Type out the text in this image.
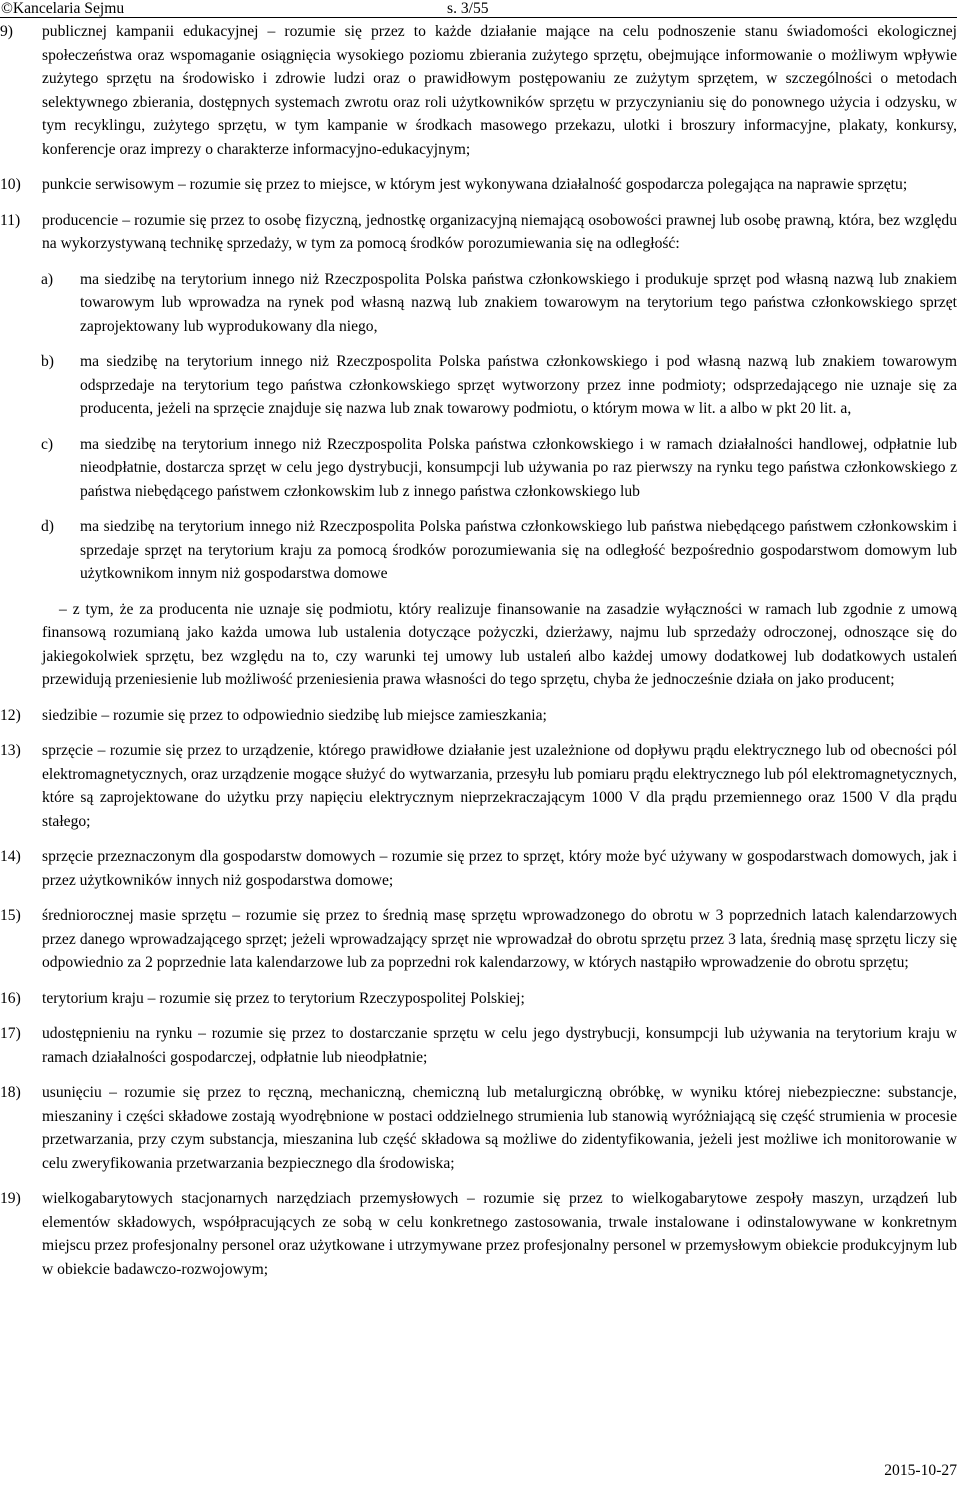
©Kancelaria Sejmu	s. 3/55
9) publicznej kampanii edukacyjnej – rozumie się przez to każde działanie mające na celu podnoszenie stanu świadomości ekologicznej społeczeństwa oraz wspomaganie osiągnięcia wysokiego poziomu zbierania zużytego sprzętu, obejmujące informowanie o możliwym wpływie zużytego sprzętu na środowisko i zdrowie ludzi oraz o prawidłowym postępowaniu ze zużytym sprzętem, w szczególności o metodach selektywnego zbierania, dostępnych systemach zwrotu oraz roli użytkowników sprzętu w przyczynianiu się do ponownego użycia i odzysku, w tym recyklingu, zużytego sprzętu, w tym kampanie w środkach masowego przekazu, ulotki i broszury informacyjne, plakaty, konkursy, konferencje oraz imprezy o charakterze informacyjno-edukacyjnym;
10) punkcie serwisowym – rozumie się przez to miejsce, w którym jest wykonywana działalność gospodarcza polegająca na naprawie sprzętu;
11) producencie – rozumie się przez to osobę fizyczną, jednostkę organizacyjną niemającą osobowości prawnej lub osobę prawną, która, bez względu na wykorzystywaną technikę sprzedaży, w tym za pomocą środków porozumiewania się na odległość:
a) ma siedzibę na terytorium innego niż Rzeczpospolita Polska państwa członkowskiego i produkuje sprzęt pod własną nazwą lub znakiem towarowym lub wprowadza na rynek pod własną nazwą lub znakiem towarowym na terytorium tego państwa członkowskiego sprzęt zaprojektowany lub wyprodukowany dla niego,
b) ma siedzibę na terytorium innego niż Rzeczpospolita Polska państwa członkowskiego i pod własną nazwą lub znakiem towarowym odsprzedaje na terytorium tego państwa członkowskiego sprzęt wytworzony przez inne podmioty; odsprzedającego nie uznaje się za producenta, jeżeli na sprzęcie znajduje się nazwa lub znak towarowy podmiotu, o którym mowa w lit. a albo w pkt 20 lit. a,
c) ma siedzibę na terytorium innego niż Rzeczpospolita Polska państwa członkowskiego i w ramach działalności handlowej, odpłatnie lub nieodpłatnie, dostarcza sprzęt w celu jego dystrybucji, konsumpcji lub używania po raz pierwszy na rynku tego państwa członkowskiego z państwa niebędącego państwem członkowskim lub z innego państwa członkowskiego lub
d) ma siedzibę na terytorium innego niż Rzeczpospolita Polska państwa członkowskiego lub państwa niebędącego państwem członkowskim i sprzedaje sprzęt na terytorium kraju za pomocą środków porozumiewania się na odległość bezpośrednio gospodarstwom domowym lub użytkownikom innym niż gospodarstwa domowe
– z tym, że za producenta nie uznaje się podmiotu, który realizuje finansowanie na zasadzie wyłączności w ramach lub zgodnie z umową finansową rozumianą jako każda umowa lub ustalenia dotyczące pożyczki, dzierżawy, najmu lub sprzedaży odroczonej, odnoszące się do jakiegokolwiek sprzętu, bez względu na to, czy warunki tej umowy lub ustaleń albo każdej umowy dodatkowej lub dodatkowych ustaleń przewidują przeniesienie lub możliwość przeniesienia prawa własności do tego sprzętu, chyba że jednocześnie działa on jako producent;
12) siedzibie – rozumie się przez to odpowiednio siedzibę lub miejsce zamieszkania;
13) sprzęcie – rozumie się przez to urządzenie, którego prawidłowe działanie jest uzależnione od dopływu prądu elektrycznego lub od obecności pól elektromagnetycznych, oraz urządzenie mogące służyć do wytwarzania, przesyłu lub pomiaru prądu elektrycznego lub pól elektromagnetycznych, które są zaprojektowane do użytku przy napięciu elektrycznym nieprzekraczającym 1000 V dla prądu przemiennego oraz 1500 V dla prądu stałego;
14) sprzęcie przeznaczonym dla gospodarstw domowych – rozumie się przez to sprzęt, który może być używany w gospodarstwach domowych, jak i przez użytkowników innych niż gospodarstwa domowe;
15) średniorocznej masie sprzętu – rozumie się przez to średnią masę sprzętu wprowadzonego do obrotu w 3 poprzednich latach kalendarzowych przez danego wprowadzającego sprzęt; jeżeli wprowadzający sprzęt nie wprowadzał do obrotu sprzętu przez 3 lata, średnią masę sprzętu liczy się odpowiednio za 2 poprzednie lata kalendarzowe lub za poprzedni rok kalendarzowy, w których nastąpiło wprowadzenie do obrotu sprzętu;
16) terytorium kraju – rozumie się przez to terytorium Rzeczypospolitej Polskiej;
17) udostępnieniu na rynku – rozumie się przez to dostarczanie sprzętu w celu jego dystrybucji, konsumpcji lub używania na terytorium kraju w ramach działalności gospodarczej, odpłatnie lub nieodpłatnie;
18) usunięciu – rozumie się przez to ręczną, mechaniczną, chemiczną lub metalurgiczną obróbkę, w wyniku której niebezpieczne: substancje, mieszaniny i części składowe zostają wyodrębnione w postaci oddzielnego strumienia lub stanowią wyróżniającą się część strumienia w procesie przetwarzania, przy czym substancja, mieszanina lub część składowa są możliwe do zidentyfikowania, jeżeli jest możliwe ich monitorowanie w celu zweryfikowania przetwarzania bezpiecznego dla środowiska;
19) wielkogabarytowych stacjonarnych narzędziach przemysłowych – rozumie się przez to wielkogabarytowe zespoły maszyn, urządzeń lub elementów składowych, współpracujących ze sobą w celu konkretnego zastosowania, trwale instalowane i odinstalowywane w konkretnym miejscu przez profesjonalny personel oraz użytkowane i utrzymywane przez profesjonalny personel w przemysłowym obiekcie produkcyjnym lub w obiekcie badawczo-rozwojowym;
2015-10-27
